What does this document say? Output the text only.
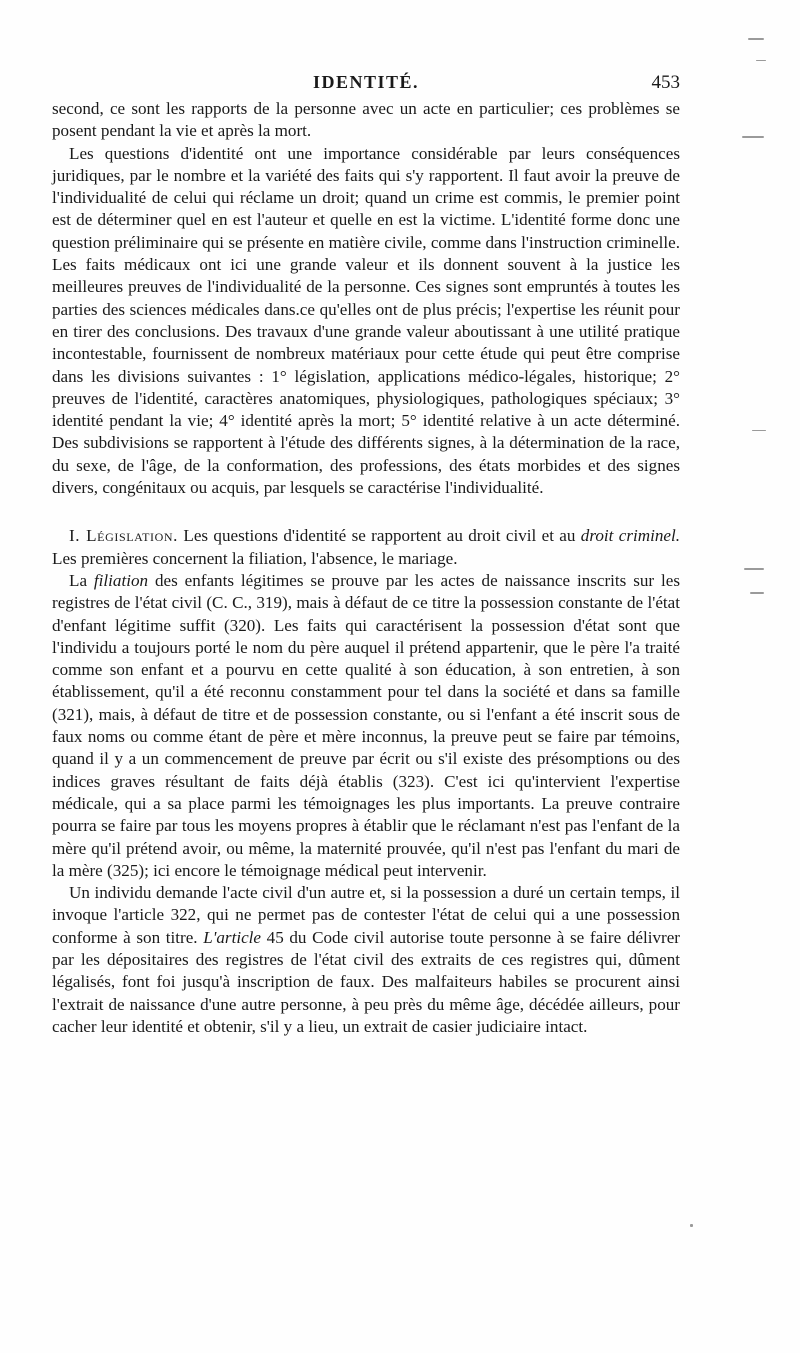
IDENTITÉ.	453

second, ce sont les rapports de la personne avec un acte en particulier; ces problèmes se posent pendant la vie et après la mort.

Les questions d'identité ont une importance considérable par leurs conséquences juridiques, par le nombre et la variété des faits qui s'y rapportent. Il faut avoir la preuve de l'individualité de celui qui réclame un droit; quand un crime est commis, le premier point est de déterminer quel en est l'auteur et quelle en est la victime. L'identité forme donc une question préliminaire qui se présente en matière civile, comme dans l'instruction criminelle. Les faits médicaux ont ici une grande valeur et ils donnent souvent à la justice les meilleures preuves de l'individualité de la personne. Ces signes sont empruntés à toutes les parties des sciences médicales dans.ce qu'elles ont de plus précis; l'expertise les réunit pour en tirer des conclusions. Des travaux d'une grande valeur aboutissant à une utilité pratique incontestable, fournissent de nombreux matériaux pour cette étude qui peut être comprise dans les divisions suivantes : 1° législation, applications médico-légales, historique; 2° preuves de l'identité, caractères anatomiques, physiologiques, pathologiques spéciaux; 3° identité pendant la vie; 4° identité après la mort; 5° identité relative à un acte déterminé. Des subdivisions se rapportent à l'étude des différents signes, à la détermination de la race, du sexe, de l'âge, de la conformation, des professions, des états morbides et des signes divers, congénitaux ou acquis, par lesquels se caractérise l'individualité.

I. Législation. Les questions d'identité se rapportent au droit civil et au droit criminel. Les premières concernent la filiation, l'absence, le mariage.

La filiation des enfants légitimes se prouve par les actes de naissance inscrits sur les registres de l'état civil (C. C., 319), mais à défaut de ce titre la possession constante de l'état d'enfant légitime suffit (320). Les faits qui caractérisent la possession d'état sont que l'individu a toujours porté le nom du père auquel il prétend appartenir, que le père l'a traité comme son enfant et a pourvu en cette qualité à son éducation, à son entretien, à son établissement, qu'il a été reconnu constamment pour tel dans la société et dans sa famille (321), mais, à défaut de titre et de possession constante, ou si l'enfant a été inscrit sous de faux noms ou comme étant de père et mère inconnus, la preuve peut se faire par témoins, quand il y a un commencement de preuve par écrit ou s'il existe des présomptions ou des indices graves résultant de faits déjà établis (323). C'est ici qu'intervient l'expertise médicale, qui a sa place parmi les témoignages les plus importants. La preuve contraire pourra se faire par tous les moyens propres à établir que le réclamant n'est pas l'enfant de la mère qu'il prétend avoir, ou même, la maternité prouvée, qu'il n'est pas l'enfant du mari de la mère (325); ici encore le témoignage médical peut intervenir.

Un individu demande l'acte civil d'un autre et, si la possession a duré un certain temps, il invoque l'article 322, qui ne permet pas de contester l'état de celui qui a une possession conforme à son titre. L'article 45 du Code civil autorise toute personne à se faire délivrer par les dépositaires des registres de l'état civil des extraits de ces registres qui, dûment légalisés, font foi jusqu'à inscription de faux. Des malfaiteurs habiles se procurent ainsi l'extrait de naissance d'une autre personne, à peu près du même âge, décédée ailleurs, pour cacher leur identité et obtenir, s'il y a lieu, un extrait de casier judiciaire intact.
